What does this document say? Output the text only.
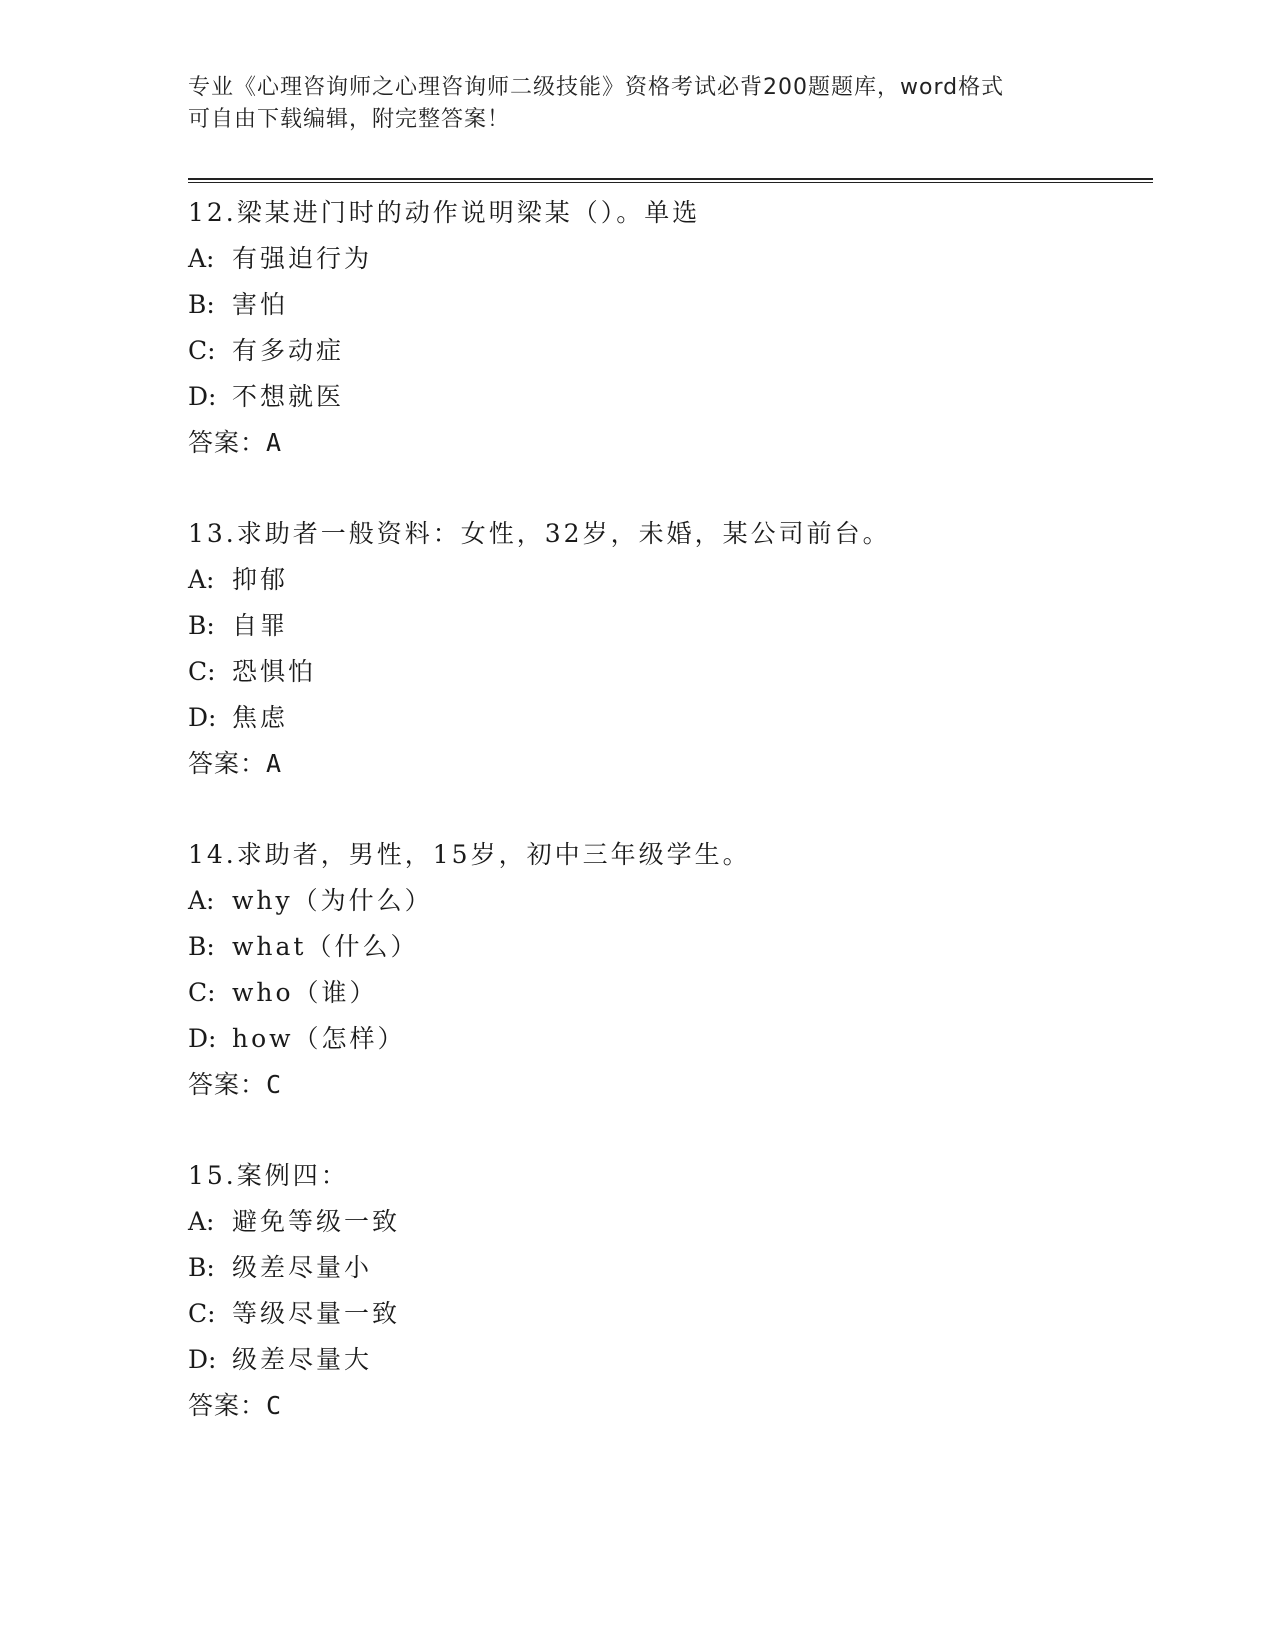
专业《心理咨询师之心理咨询师二级技能》资格考试必背200题题库，word格式
可自由下载编辑，附完整答案！
12.梁某进门时的动作说明梁某（）。单选
A: 有强迫行为
B: 害怕
C: 有多动症
D: 不想就医
答案：A
13.求助者一般资料：女性，32岁，未婚，某公司前台。
A: 抑郁
B: 自罪
C: 恐惧怕
D: 焦虑
答案：A
14.求助者，男性，15岁，初中三年级学生。
A: why（为什么）
B: what（什么）
C: who（谁）
D: how（怎样）
答案：C
15.案例四：
A: 避免等级一致
B: 级差尽量小
C: 等级尽量一致
D: 级差尽量大
答案：C
